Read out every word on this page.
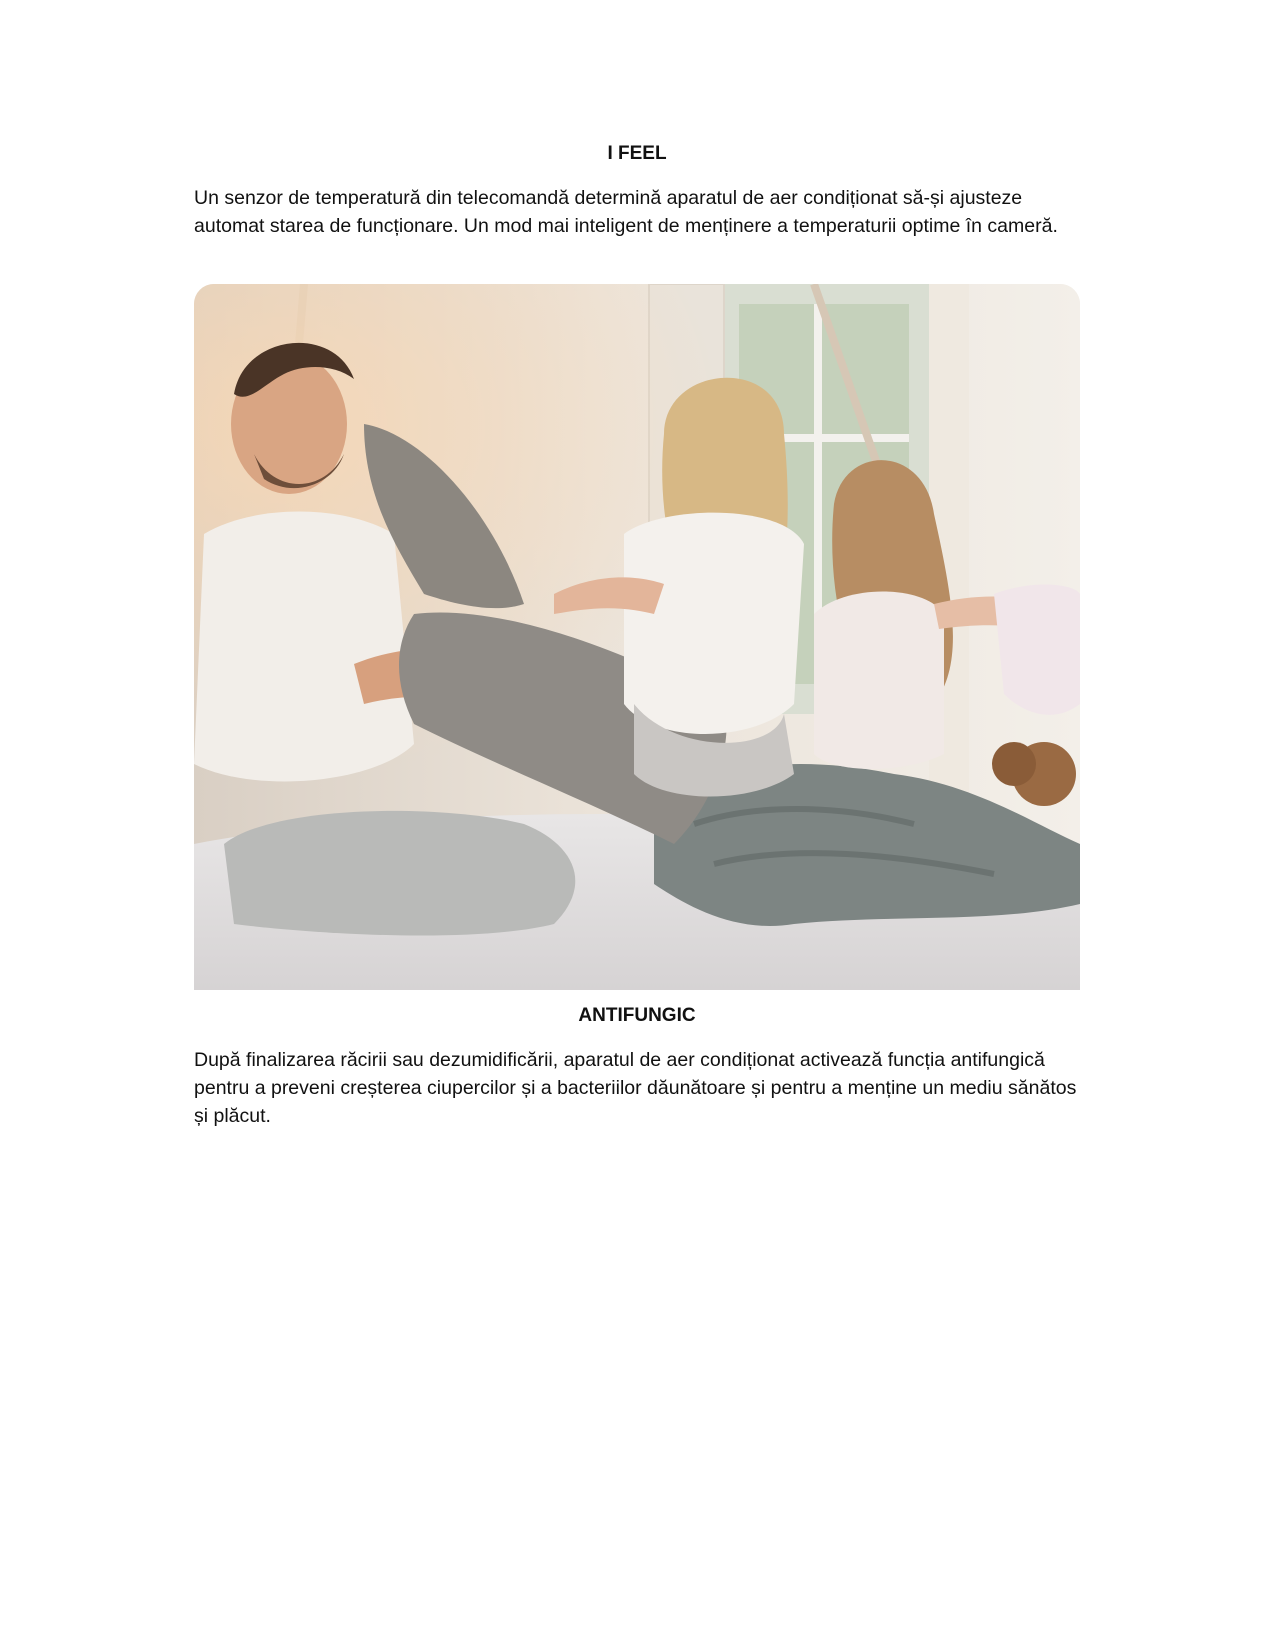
I FEEL

Un senzor de temperatură din telecomandă determină aparatul de aer condiționat să-și ajusteze automat starea de funcționare. Un mod mai inteligent de menținere a temperaturii optime în cameră.

ANTIFUNGIC

După finalizarea răcirii sau dezumidificării, aparatul de aer condiționat activează funcția antifungică pentru a preveni creșterea ciupercilor și a bacteriilor dăunătoare și pentru a menține un mediu sănătos și plăcut.
